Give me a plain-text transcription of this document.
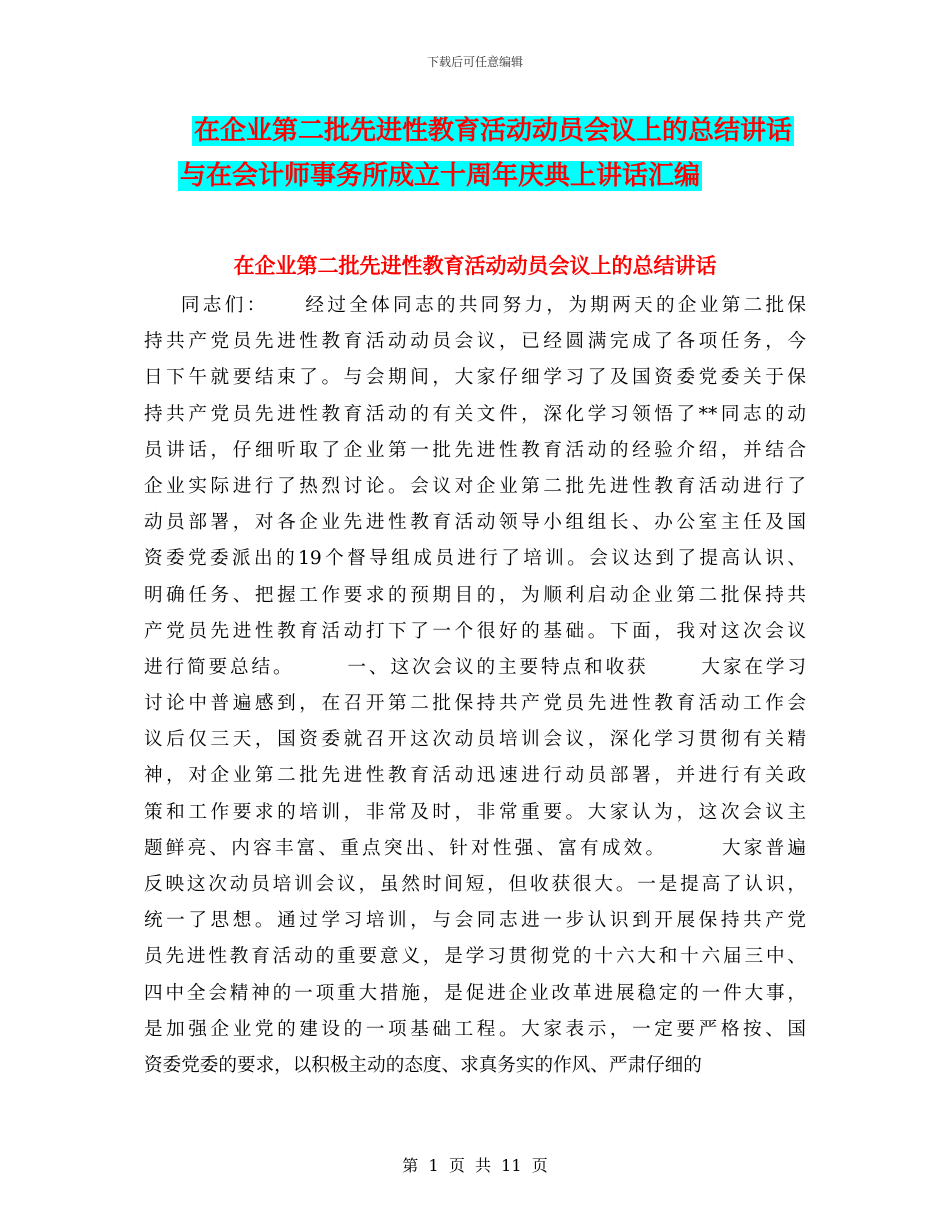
下载后可任意编辑
在企业第二批先进性教育活动动员会议上的总结讲话
与在会计师事务所成立十周年庆典上讲话汇编
在企业第二批先进性教育活动动员会议上的总结讲话
同志们：    经过全体同志的共同努力，为期两天的企业第二批保
持共产党员先进性教育活动动员会议，已经圆满完成了各项任务，今
日下午就要结束了。与会期间，大家仔细学习了及国资委党委关于保
持共产党员先进性教育活动的有关文件，深化学习领悟了**同志的动
员讲话，仔细听取了企业第一批先进性教育活动的经验介绍，并结合
企业实际进行了热烈讨论。会议对企业第二批先进性教育活动进行了
动员部署，对各企业先进性教育活动领导小组组长、办公室主任及国
资委党委派出的19个督导组成员进行了培训。会议达到了提高认识、
明确任务、把握工作要求的预期目的，为顺利启动企业第二批保持共
产党员先进性教育活动打下了一个很好的基础。下面，我对这次会议
进行简要总结。      一、这次会议的主要特点和收获      大家在学习
讨论中普遍感到，在召开第二批保持共产党员先进性教育活动工作会
议后仅三天，国资委就召开这次动员培训会议，深化学习贯彻有关精
神，对企业第二批先进性教育活动迅速进行动员部署，并进行有关政
策和工作要求的培训，非常及时，非常重要。大家认为，这次会议主
题鲜亮、内容丰富、重点突出、针对性强、富有成效。      大家普遍
反映这次动员培训会议，虽然时间短，但收获很大。一是提高了认识，
统一了思想。通过学习培训，与会同志进一步认识到开展保持共产党
员先进性教育活动的重要意义，是学习贯彻党的十六大和十六届三中、
四中全会精神的一项重大措施，是促进企业改革进展稳定的一件大事，
是加强企业党的建设的一项基础工程。大家表示，一定要严格按、国
资委党委的要求，以积极主动的态度、求真务实的作风、严肃仔细的
第  1  页  共  11  页
